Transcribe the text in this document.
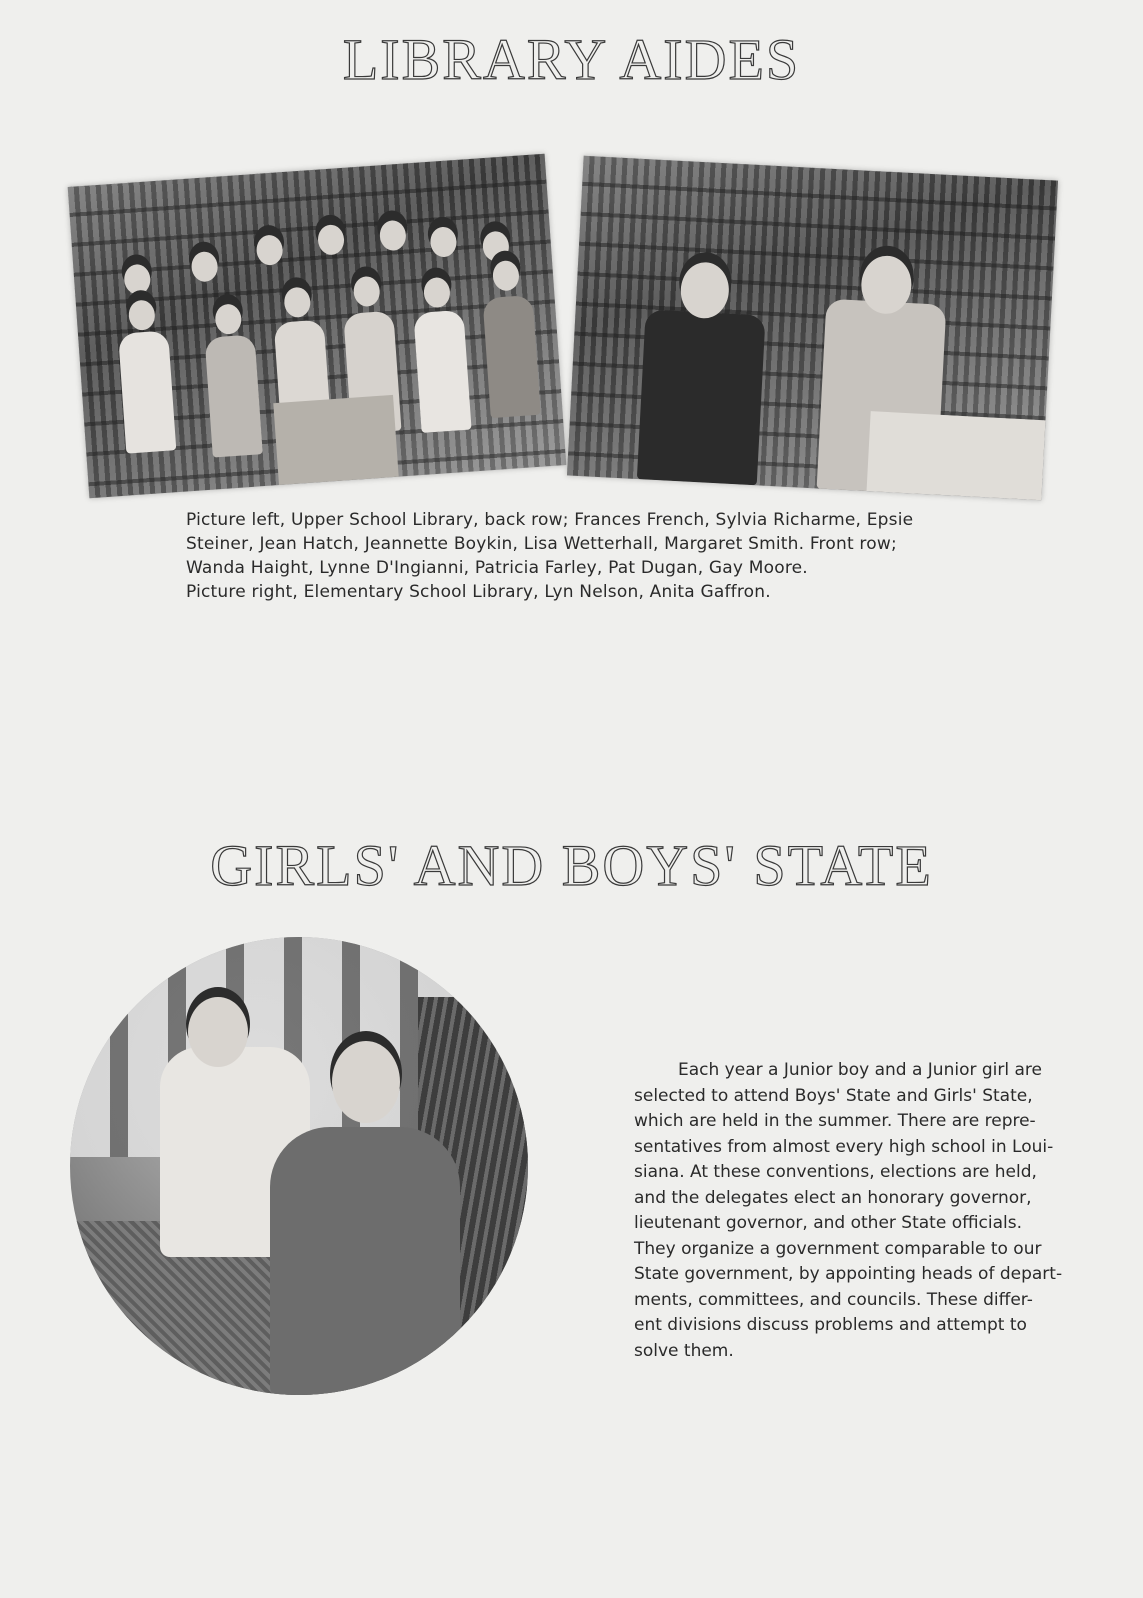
LIBRARY AIDES

Picture left, Upper School Library, back row; Frances French, Sylvia Richarme, Epsie
Steiner, Jean Hatch, Jeannette Boykin, Lisa Wetterhall, Margaret Smith. Front row;
Wanda Haight, Lynne D'Ingianni, Patricia Farley, Pat Dugan, Gay Moore.
Picture right, Elementary School Library, Lyn Nelson, Anita Gaffron.

GIRLS' AND BOYS' STATE

Each year a Junior boy and a Junior girl are
selected to attend Boys' State and Girls' State,
which are held in the summer. There are repre-
sentatives from almost every high school in Loui-
siana. At these conventions, elections are held,
and the delegates elect an honorary governor,
lieutenant governor, and other State officials.
They organize a government comparable to our
State government, by appointing heads of depart-
ments, committees, and councils. These differ-
ent divisions discuss problems and attempt to
solve them.
